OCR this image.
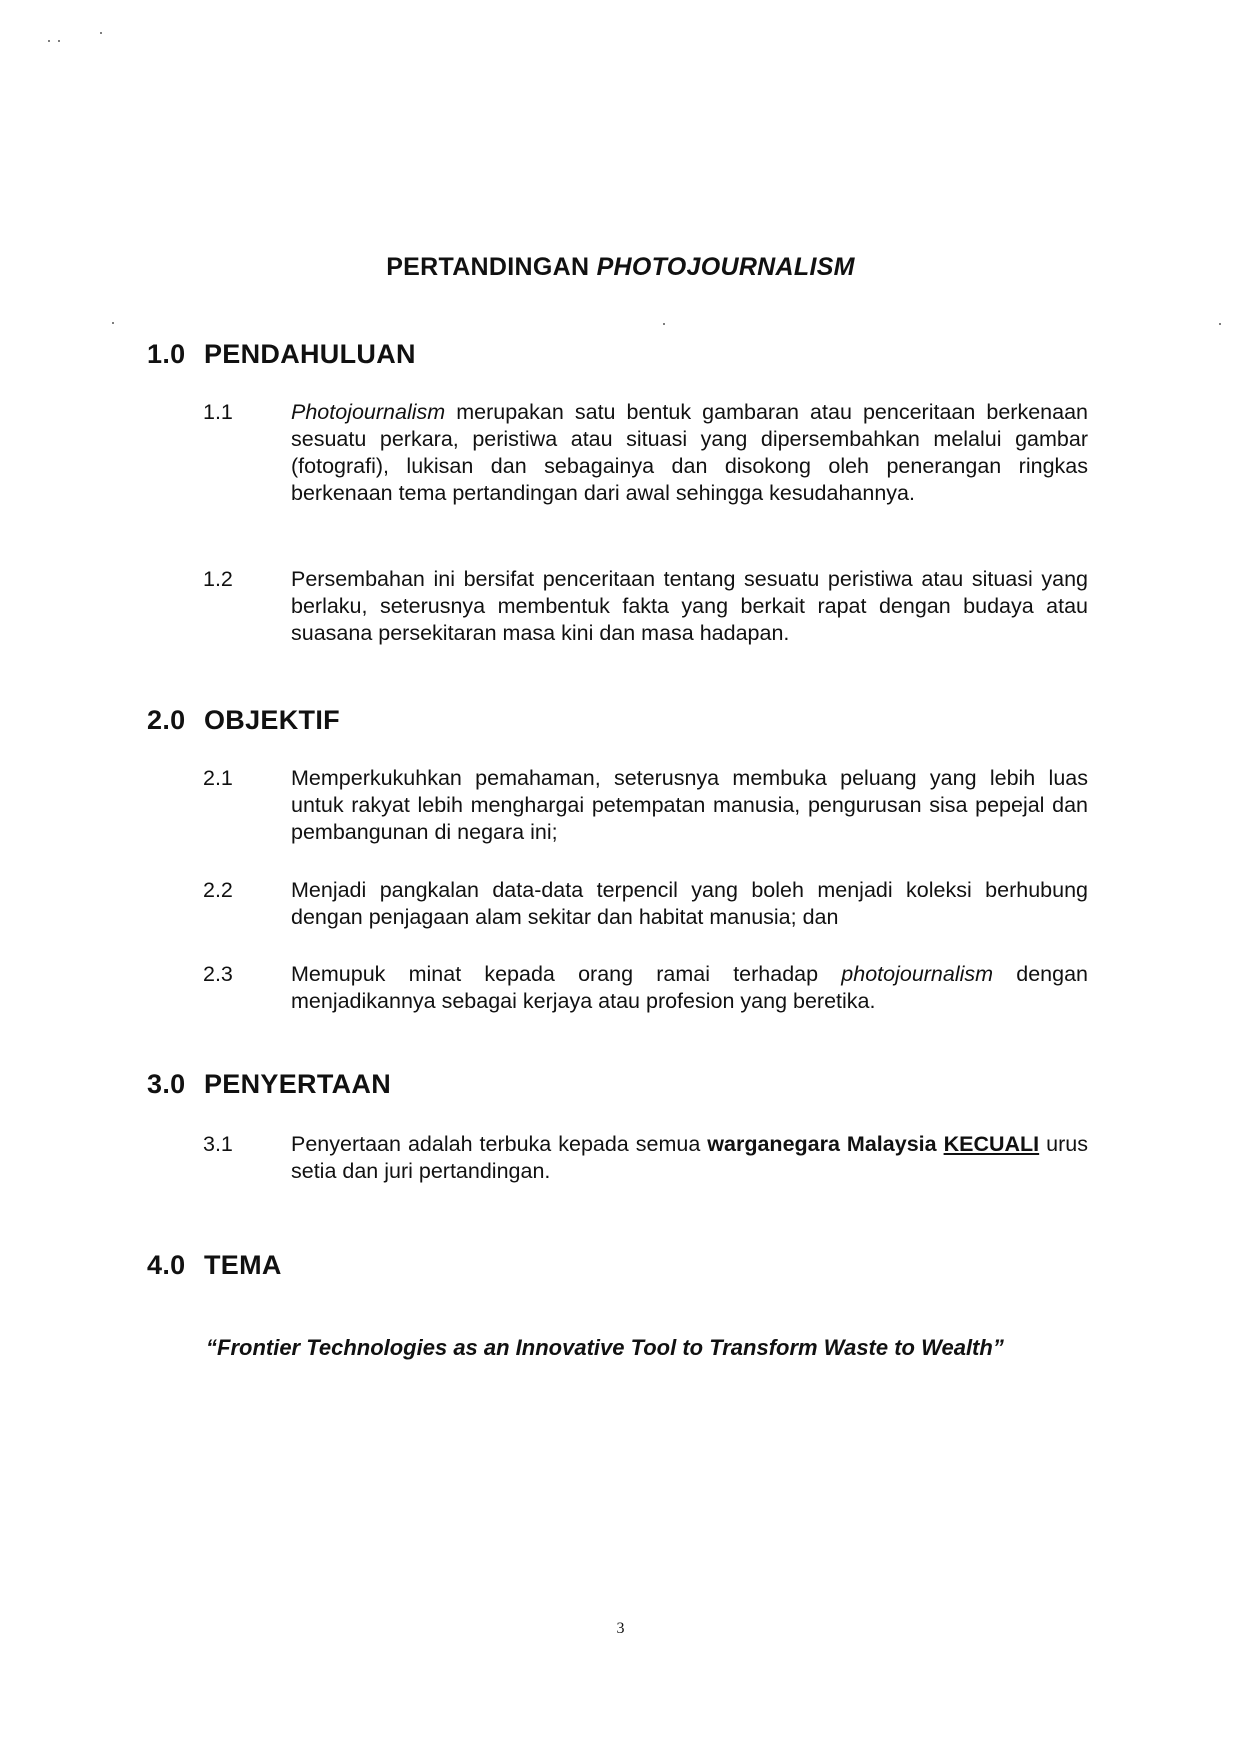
PERTANDINGAN PHOTOJOURNALISM
1.0 PENDAHULUAN
1.1	Photojournalism merupakan satu bentuk gambaran atau penceritaan berkenaan sesuatu perkara, peristiwa atau situasi yang dipersembahkan melalui gambar (fotografi), lukisan dan sebagainya dan disokong oleh penerangan ringkas berkenaan tema pertandingan dari awal sehingga kesudahannya.
1.2	Persembahan ini bersifat penceritaan tentang sesuatu peristiwa atau situasi yang berlaku, seterusnya membentuk fakta yang berkait rapat dengan budaya atau suasana persekitaran masa kini dan masa hadapan.
2.0 OBJEKTIF
2.1	Memperkukuhkan pemahaman, seterusnya membuka peluang yang lebih luas untuk rakyat lebih menghargai petempatan manusia, pengurusan sisa pepejal dan pembangunan di negara ini;
2.2	Menjadi pangkalan data-data terpencil yang boleh menjadi koleksi berhubung dengan penjagaan alam sekitar dan habitat manusia; dan
2.3	Memupuk minat kepada orang ramai terhadap photojournalism dengan menjadikannya sebagai kerjaya atau profesion yang beretika.
3.0 PENYERTAAN
3.1	Penyertaan adalah terbuka kepada semua warganegara Malaysia KECUALI urus setia dan juri pertandingan.
4.0 TEMA
“Frontier Technologies as an Innovative Tool to Transform Waste to Wealth”
3
